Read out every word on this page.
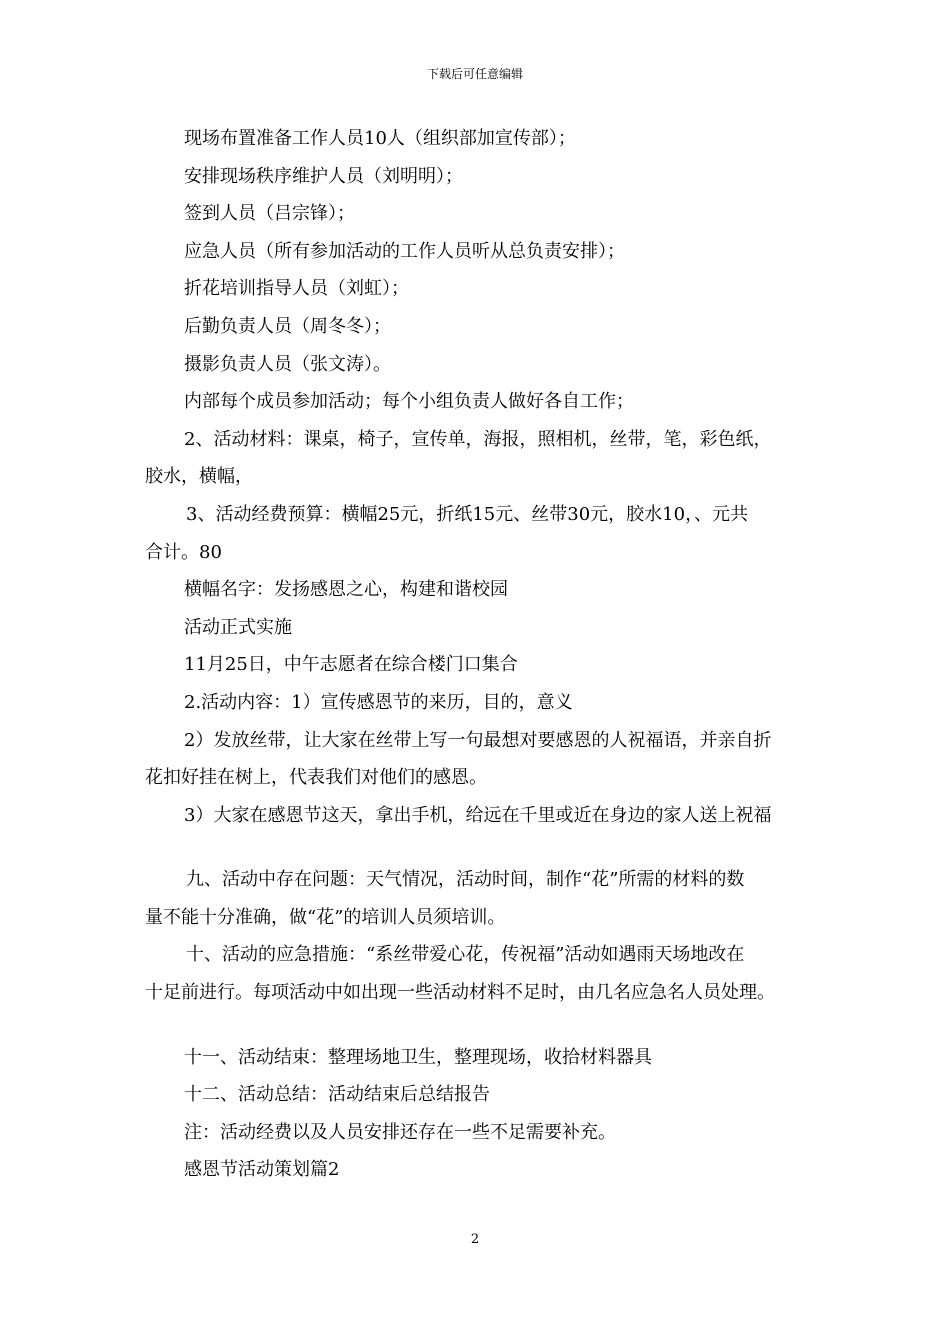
下载后可任意编辑
现场布置准备工作人员10人（组织部加宣传部）；
安排现场秩序维护人员（刘明明）；
签到人员（吕宗锋）；
应急人员（所有参加活动的工作人员听从总负责安排）；
折花培训指导人员（刘虹）；
后勤负责人员（周冬冬）；
摄影负责人员（张文涛）。
内部每个成员参加活动；每个小组负责人做好各自工作；
2、活动材料：课桌，椅子，宣传单，海报，照相机，丝带，笔，彩色纸，
胶水，横幅，
3、活动经费预算：横幅25元，折纸15元、丝带30元，胶水10，、元共
合计。80
横幅名字：发扬感恩之心，构建和谐校园
活动正式实施
11月25日，中午志愿者在综合楼门口集合
2.活动内容：1）宣传感恩节的来历，目的，意义
2）发放丝带，让大家在丝带上写一句最想对要感恩的人祝福语，并亲自折
花扣好挂在树上，代表我们对他们的感恩。
3）大家在感恩节这天，拿出手机，给远在千里或近在身边的家人送上祝福
九、活动中存在问题：天气情况，活动时间，制作“花”所需的材料的数
量不能十分准确，做“花”的培训人员须培训。
十、活动的应急措施：“系丝带爱心花，传祝福”活动如遇雨天场地改在
十足前进行。每项活动中如出现一些活动材料不足时，由几名应急名人员处理。
十一、活动结束：整理场地卫生，整理现场，收拾材料器具
十二、活动总结：活动结束后总结报告
注：活动经费以及人员安排还存在一些不足需要补充。
感恩节活动策划篇2
2
